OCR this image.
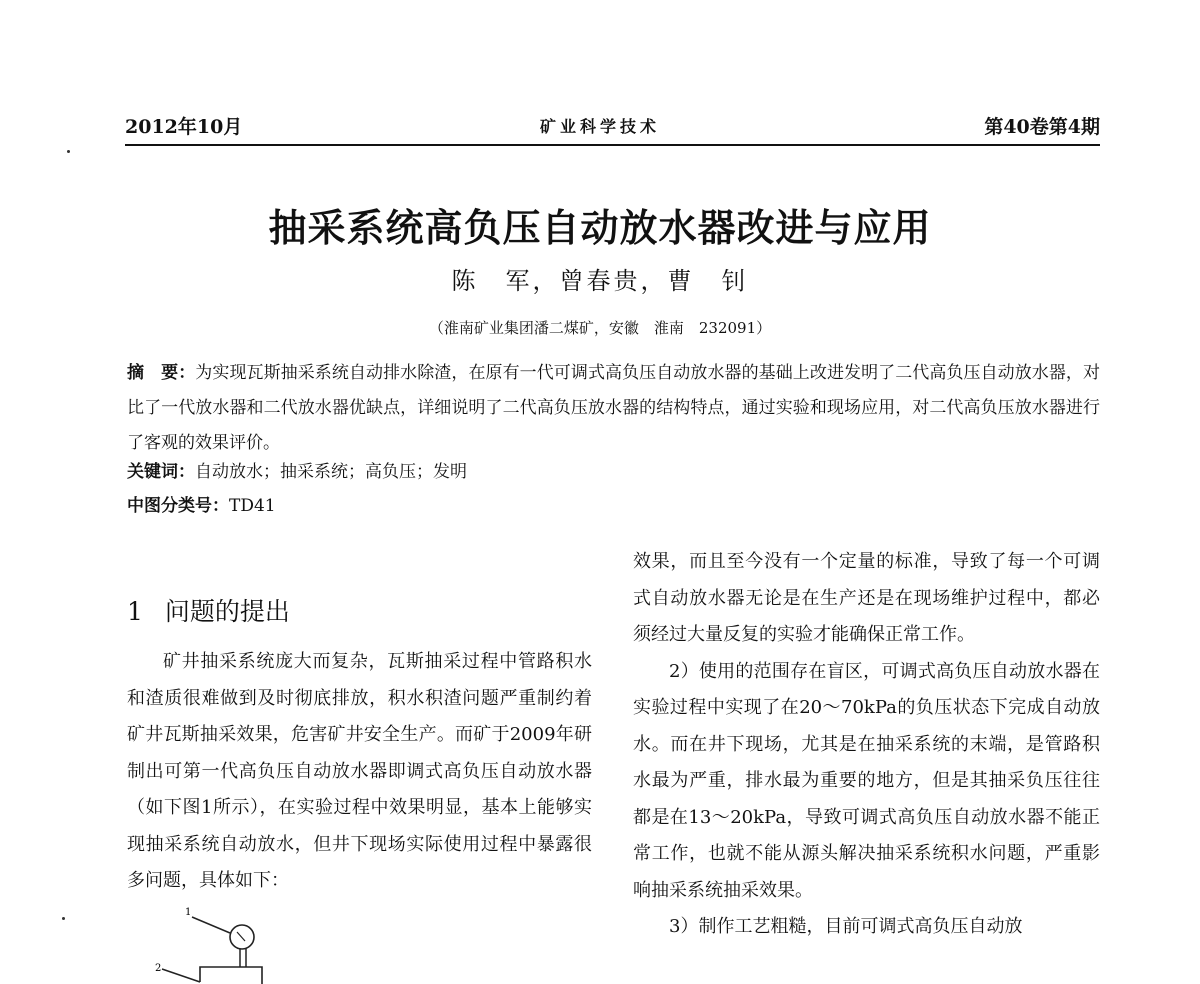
2012年10月	矿业科学技术	第40卷第4期
抽采系统高负压自动放水器改进与应用
陈　军，曾春贵，曹　钊
（淮南矿业集团潘二煤矿，安徽　淮南　232091）
摘　要：为实现瓦斯抽采系统自动排水除渣，在原有一代可调式高负压自动放水器的基础上改进发明了二代高负压自动放水器，对比了一代放水器和二代放水器优缺点，详细说明了二代高负压放水器的结构特点，通过实验和现场应用，对二代高负压放水器进行了客观的效果评价。
关键词：自动放水；抽采系统；高负压；发明
中图分类号：TD41
1 问题的提出

矿井抽采系统庞大而复杂，瓦斯抽采过程中管路积水和渣质很难做到及时彻底排放，积水积渣问题严重制约着矿井瓦斯抽采效果，危害矿井安全生产。而矿于2009年研制出可第一代高负压自动放水器即调式高负压自动放水器（如下图1所示），在实验过程中效果明显，基本上能够实现抽采系统自动放水，但井下现场实际使用过程中暴露很多问题，具体如下：

效果，而且至今没有一个定量的标准，导致了每一个可调式自动放水器无论是在生产还是在现场维护过程中，都必须经过大量反复的实验才能确保正常工作。

2）使用的范围存在盲区，可调式高负压自动放水器在实验过程中实现了在20～70kPa的负压状态下完成自动放水。而在井下现场，尤其是在抽采系统的末端，是管路积水最为严重，排水最为重要的地方，但是其抽采负压往往都是在13～20kPa，导致可调式高负压自动放水器不能正常工作，也就不能从源头解决抽采系统积水问题，严重影响抽采系统抽采效果。

3）制作工艺粗糙，目前可调式高负压自动放

1
2
